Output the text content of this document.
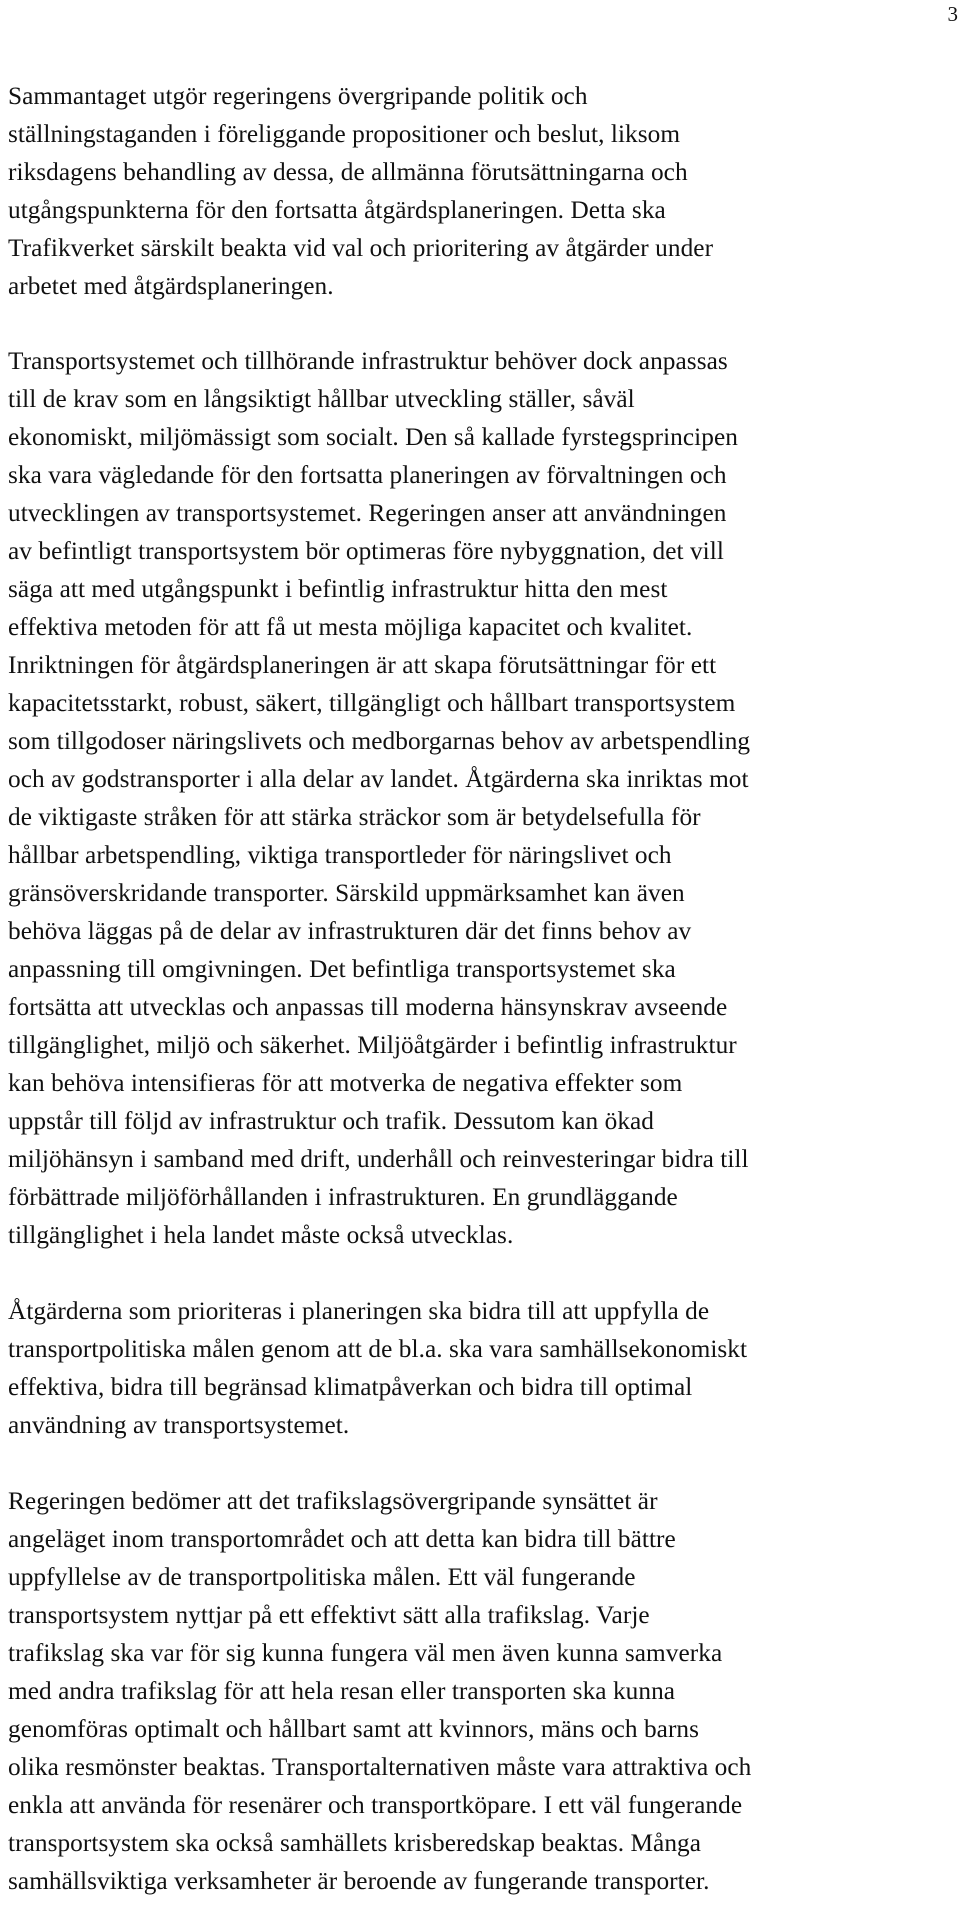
3
Sammantaget utgör regeringens övergripande politik och
ställningstaganden i föreliggande propositioner och beslut, liksom
riksdagens behandling av dessa, de allmänna förutsättningarna och
utgångspunkterna för den fortsatta åtgärdsplaneringen. Detta ska
Trafikverket särskilt beakta vid val och prioritering av åtgärder under
arbetet med åtgärdsplaneringen.
Transportsystemet och tillhörande infrastruktur behöver dock anpassas
till de krav som en långsiktigt hållbar utveckling ställer, såväl
ekonomiskt, miljömässigt som socialt. Den så kallade fyrstegsprincipen
ska vara vägledande för den fortsatta planeringen av förvaltningen och
utvecklingen av transportsystemet. Regeringen anser att användningen
av befintligt transportsystem bör optimeras före nybyggnation, det vill
säga att med utgångspunkt i befintlig infrastruktur hitta den mest
effektiva metoden för att få ut mesta möjliga kapacitet och kvalitet.
Inriktningen för åtgärdsplaneringen är att skapa förutsättningar för ett
kapacitetsstarkt, robust, säkert, tillgängligt och hållbart transportsystem
som tillgodoser näringslivets och medborgarnas behov av arbetspendling
och av godstransporter i alla delar av landet. Åtgärderna ska inriktas mot
de viktigaste stråken för att stärka sträckor som är betydelsefulla för
hållbar arbetspendling, viktiga transportleder för näringslivet och
gränsöverskridande transporter. Särskild uppmärksamhet kan även
behöva läggas på de delar av infrastrukturen där det finns behov av
anpassning till omgivningen. Det befintliga transportsystemet ska
fortsätta att utvecklas och anpassas till moderna hänsynskrav avseende
tillgänglighet, miljö och säkerhet. Miljöåtgärder i befintlig infrastruktur
kan behöva intensifieras för att motverka de negativa effekter som
uppstår till följd av infrastruktur och trafik. Dessutom kan ökad
miljöhänsyn i samband med drift, underhåll och reinvesteringar bidra till
förbättrade miljöförhållanden i infrastrukturen. En grundläggande
tillgänglighet i hela landet måste också utvecklas.
Åtgärderna som prioriteras i planeringen ska bidra till att uppfylla de
transportpolitiska målen genom att de bl.a. ska vara samhällsekonomiskt
effektiva, bidra till begränsad klimatpåverkan och bidra till optimal
användning av transportsystemet.
Regeringen bedömer att det trafikslagsövergripande synsättet är
angeläget inom transportområdet och att detta kan bidra till bättre
uppfyllelse av de transportpolitiska målen. Ett väl fungerande
transportsystem nyttjar på ett effektivt sätt alla trafikslag. Varje
trafikslag ska var för sig kunna fungera väl men även kunna samverka
med andra trafikslag för att hela resan eller transporten ska kunna
genomföras optimalt och hållbart samt att kvinnors, mäns och barns
olika resmönster beaktas. Transportalternativen måste vara attraktiva och
enkla att använda för resenärer och transportköpare. I ett väl fungerande
transportsystem ska också samhällets krisberedskap beaktas. Många
samhällsviktiga verksamheter är beroende av fungerande transporter.
